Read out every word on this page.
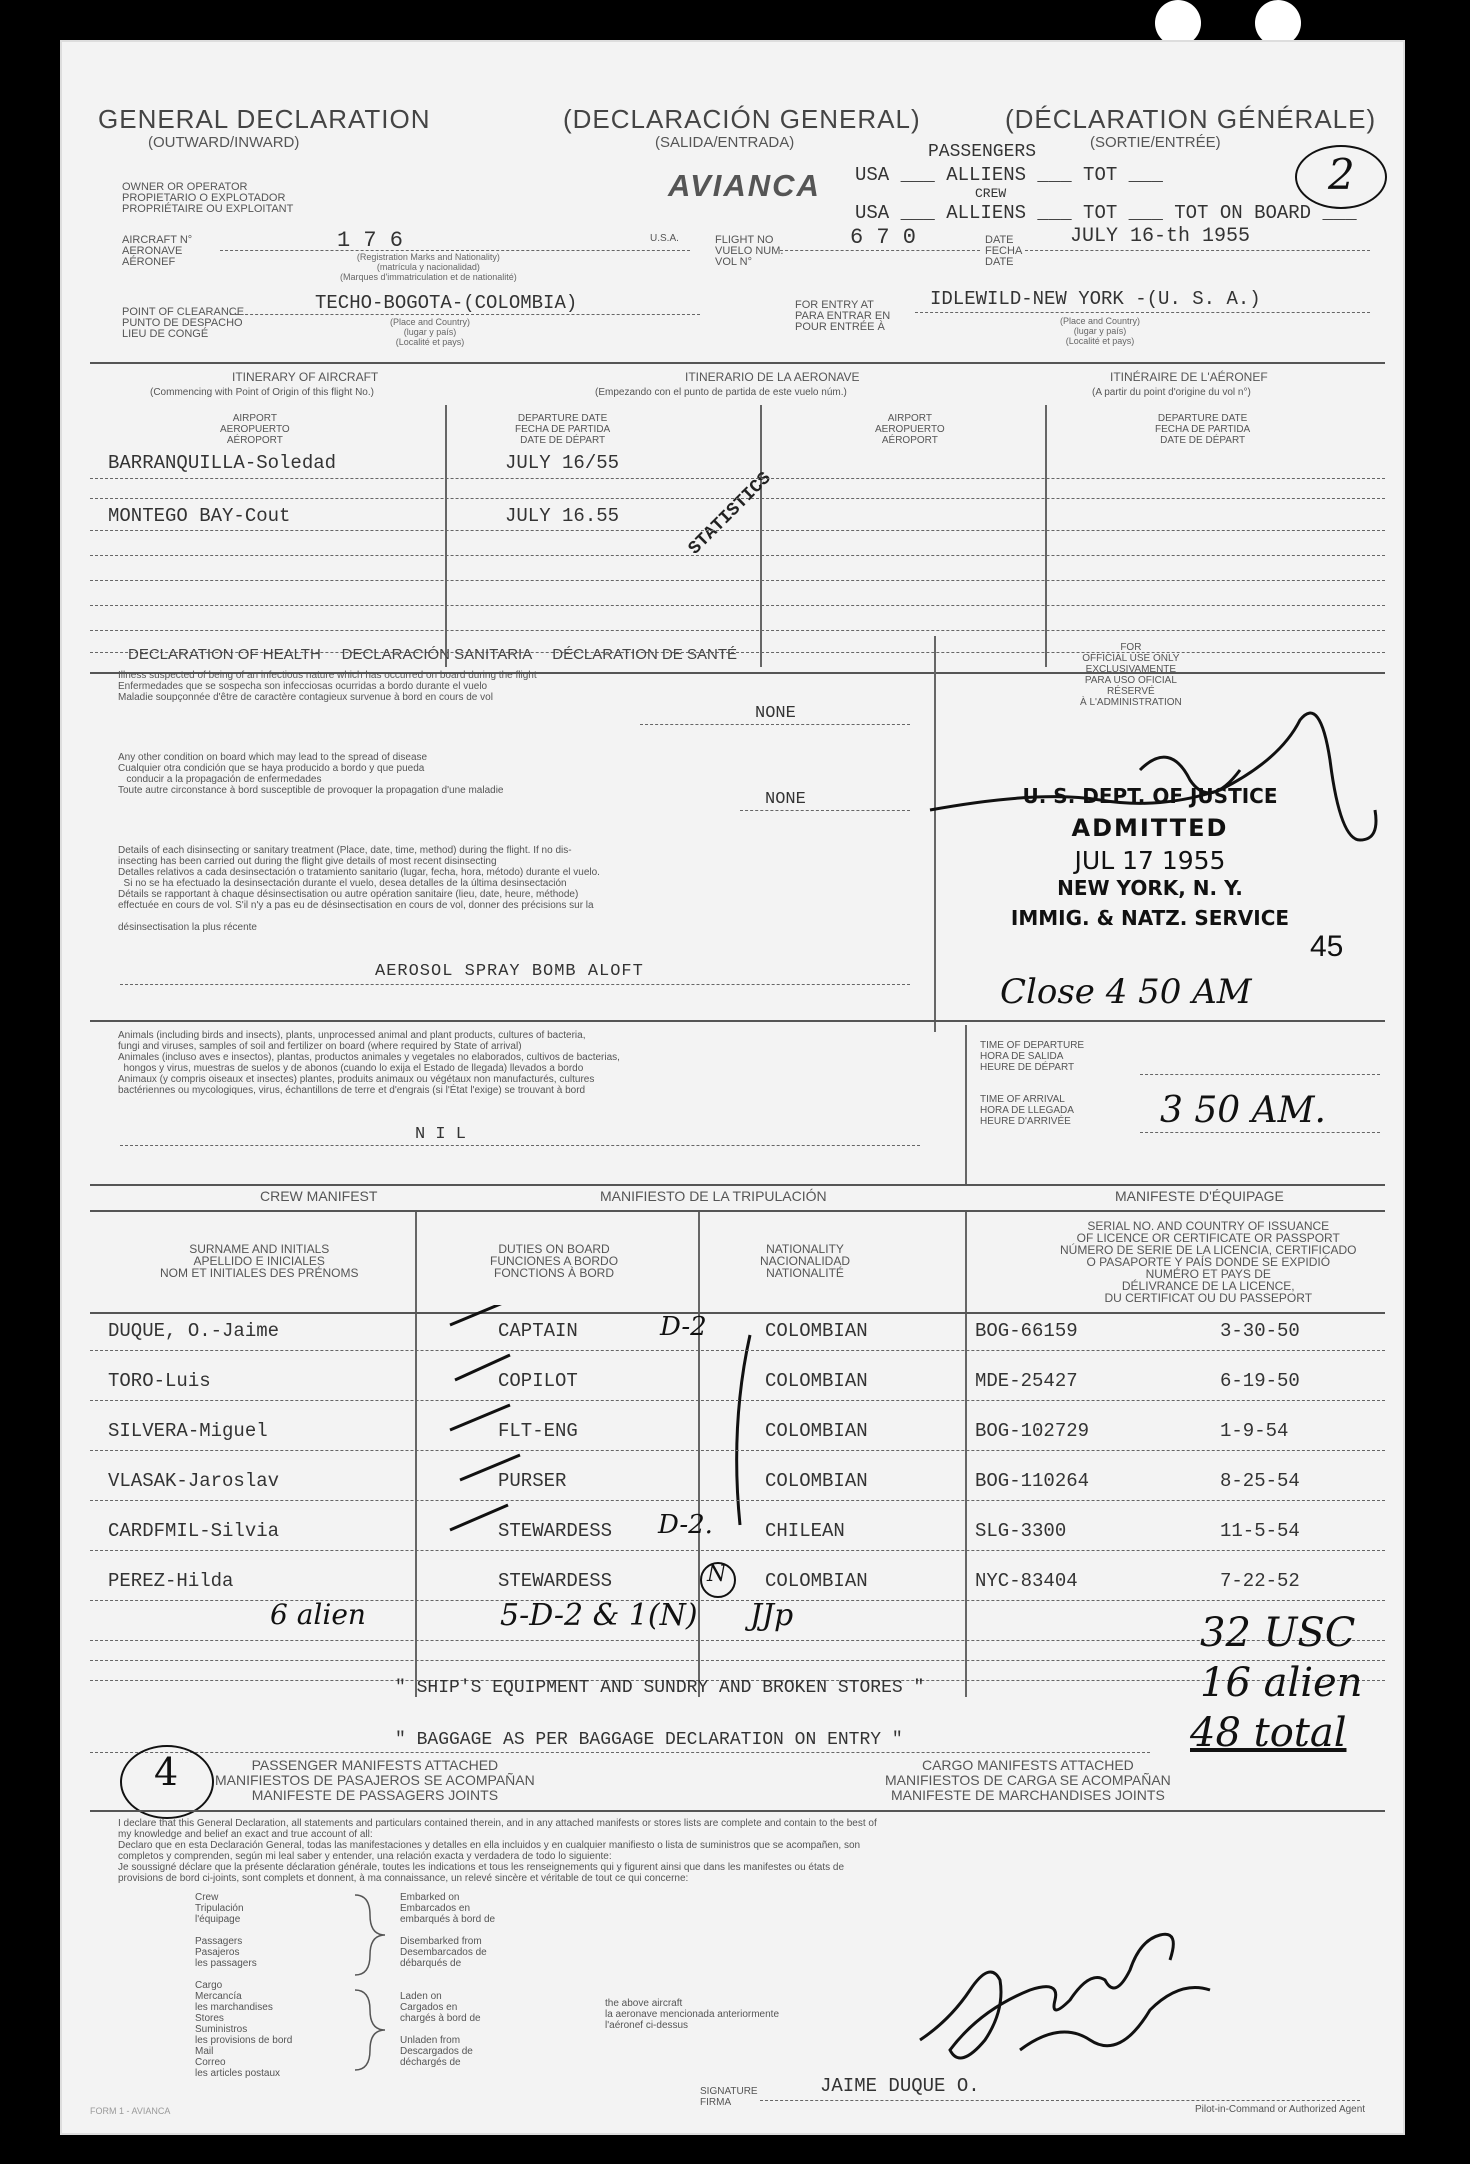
GENERAL DECLARATION
(OUTWARD/INWARD)
(DECLARACIÓN GENERAL)
(SALIDA/ENTRADA)
(DÉCLARATION GÉNÉRALE)
(SORTIE/ENTRÉE)
PASSENGERS
CREW
USA ___ ALLIENS ___ TOT ___
USA ___ ALLIENS ___ TOT ___ TOT ON BOARD ___
2
AVIANCA
OWNER OR OPERATOR
PROPIETARIO O EXPLOTADOR
PROPRIÉTAIRE OU EXPLOITANT
AIRCRAFT N°
AERONAVE
AÉRONEF
1 7 6
(Registration Marks and Nationality)
(matrícula y nacionalidad)
(Marques d'immatriculation et de nationalité)
U.S.A.	FLIGHT NO
VUELO NUM.
VOL N°
6 7 0	DATE
FECHA
DATE
JULY 16-th 1955
POINT OF CLEARANCE
PUNTO DE DESPACHO
LIEU DE CONGÉ
TECHO-BOGOTA-(COLOMBIA)
(Place and Country)
(lugar y país)
(Localité et pays)
FOR ENTRY AT
PARA ENTRAR EN
POUR ENTRÉE À
IDLEWILD-NEW YORK -(U. S. A.)
(Place and Country)
(lugar y país)
(Localité et pays)
ITINERARY OF AIRCRAFT
(Commencing with Point of Origin of this flight No.)
ITINERARIO DE LA AERONAVE
(Empezando con el punto de partida de este vuelo núm.)
ITINÉRAIRE DE L'AÉRONEF
(A partir du point d'origine du vol n°)
AIRPORT
AEROPUERTO
AÉROPORT
DEPARTURE DATE
FECHA DE PARTIDA
DATE DE DÉPART
AIRPORT
AEROPUERTO
AÉROPORT
DEPARTURE DATE
FECHA DE PARTIDA
DATE DE DÉPART
BARRANQUILLA-Soledad	JULY 16/55
MONTEGO BAY-Cout	JULY 16.55	STATISTICS
DECLARATION OF HEALTH     DECLARACIÓN SANITARIA     DÉCLARATION DE SANTÉ
Illness suspected of being of an infectious nature which has occurred on board during the flight
Enfermedades que se sospecha son infecciosas ocurridas a bordo durante el vuelo
Maladie soupçonnée d'être de caractère contagieux survenue à bord en cours de vol
NONE
Any other condition on board which may lead to the spread of disease
Cualquier otra condición que se haya producido a bordo y que pueda
conducir a la propagación de enfermedades
Toute autre circonstance à bord susceptible de provoquer la propagation d'une maladie	NONE
Details of each disinsecting or sanitary treatment (Place, date, time, method) during the flight. If no dis-
insecting has been carried out during the flight give details of most recent disinsecting
Detalles relativos a cada desinsectación o tratamiento sanitario (lugar, fecha, hora, método) durante el vuelo.
Si no se ha efectuado la desinsectación durante el vuelo, desea detalles de la última desinsectación
Détails se rapportant à chaque désinsectisation ou autre opération sanitaire (lieu, date, heure, méthode)
effectuée en cours de vol. S'il n'y a pas eu de désinsectisation en cours de vol, donner des précisions sur la

désinsectisation la plus récente
AEROSOL SPRAY BOMB ALOFT
FOR
OFFICIAL USE ONLY
EXCLUSIVAMENTE
PARA USO OFICIAL
RÉSERVÉ
À L'ADMINISTRATION
U. S. DEPT. OF JUSTICE
ADMITTED
JUL 17 1955
NEW YORK, N. Y.
IMMIG. & NATZ. SERVICE
45
Close 4 50 AM
Animals (including birds and insects), plants, unprocessed animal and plant products, cultures of bacteria,
fungi and viruses, samples of soil and fertilizer on board (where required by State of arrival)
Animales (incluso aves e insectos), plantas, productos animales y vegetales no elaborados, cultivos de bacterias,
hongos y virus, muestras de suelos y de abonos (cuando lo exija el Estado de llegada) llevados a bordo
Animaux (y compris oiseaux et insectes) plantes, produits animaux ou végétaux non manufacturés, cultures
bactériennes ou mycologiques, virus, échantillons de terre et d'engrais (si l'État l'exige) se trouvant à bord
N I L
TIME OF DEPARTURE
HORA DE SALIDA
HEURE DE DÉPART
TIME OF ARRIVAL
HORA DE LLEGADA
HEURE D'ARRIVÉE 3 50 AM.
CREW MANIFEST	MANIFIESTO DE LA TRIPULACIÓN	MANIFESTE D'ÉQUIPAGE
SURNAME AND INITIALS
APELLIDO E INICIALES
NOM ET INITIALES DES PRÉNOMS
DUTIES ON BOARD
FUNCIONES A BORDO
FONCTIONS À BORD
NATIONALITY
NACIONALIDAD
NATIONALITÉ
SERIAL NO. AND COUNTRY OF ISSUANCE
OF LICENCE OR CERTIFICATE OR PASSPORT
NÚMERO DE SERIE DE LA LICENCIA, CERTIFICADO
O PASAPORTE Y PAÍS DONDE SE EXPIDIÓ
NUMÉRO ET PAYS DE
DÉLIVRANCE DE LA LICENCE,
DU CERTIFICAT OU DU PASSEPORT
DUQUE, O.-Jaime	CAPTAIN	D-2	COLOMBIAN	BOG-66159	3-30-50
TORO-Luis	COPILOT	COLOMBIAN	MDE-25427	6-19-50
SILVERA-Miguel	FLT-ENG	COLOMBIAN	BOG-102729	1-9-54
VLASAK-Jaroslav	PURSER	COLOMBIAN	BOG-110264	8-25-54
CARDFMIL-Silvia	STEWARDESS D-2.	CHILEAN	SLG-3300	11-5-54
PEREZ-Hilda	STEWARDESS	N COLOMBIAN	NYC-83404	7-22-52
6 alien	5-D-2 & 1(N) JJp	32 USC
16 alien
48 total
" SHIP'S EQUIPMENT AND SUNDRY AND BROKEN STORES "
" BAGGAGE AS PER BAGGAGE DECLARATION ON ENTRY "
4	PASSENGER MANIFESTS ATTACHED
MANIFIESTOS DE PASAJEROS SE ACOMPAÑAN
MANIFESTE DE PASSAGERS JOINTS
CARGO MANIFESTS ATTACHED
MANIFIESTOS DE CARGA SE ACOMPAÑAN
MANIFESTE DE MARCHANDISES JOINTS
I declare that this General Declaration, all statements and particulars contained therein, and in any attached manifests or stores lists are complete and contain to the best of
my knowledge and belief an exact and true account of all:
Declaro que en esta Declaración General, todas las manifestaciones y detalles en ella incluidos y en cualquier manifiesto o lista de suministros que se acompañen, son
completos y comprenden, según mi leal saber y entender, una relación exacta y verdadera de todo lo siguiente:
Je soussigné déclare que la présente déclaration générale, toutes les indications et tous les renseignements qui y figurent ainsi que dans les manifestes ou états de
provisions de bord ci-joints, sont complets et donnent, à ma connaissance, un relevé sincère et véritable de tout ce qui concerne:
Crew
Tripulación
l'équipage

Passagers
Pasajeros
les passagers

Cargo
Mercancía
les marchandises
Stores
Suministros
les provisions de bord
Mail
Correo
les articles postaux
Embarked on
Embarcados en
embarqués à bord de

Disembarked from
Desembarcados de
débarqués de

Laden on
Cargados en
chargés à bord de

Unladen from
Descargados de
déchargés de
the above aircraft
la aeronave mencionada anteriormente
l'aéronef ci-dessus
SIGNATURE
FIRMA
JAIME DUQUE O.
FORM 1 - AVIANCA	Pilot-in-Command or Authorized Agent
